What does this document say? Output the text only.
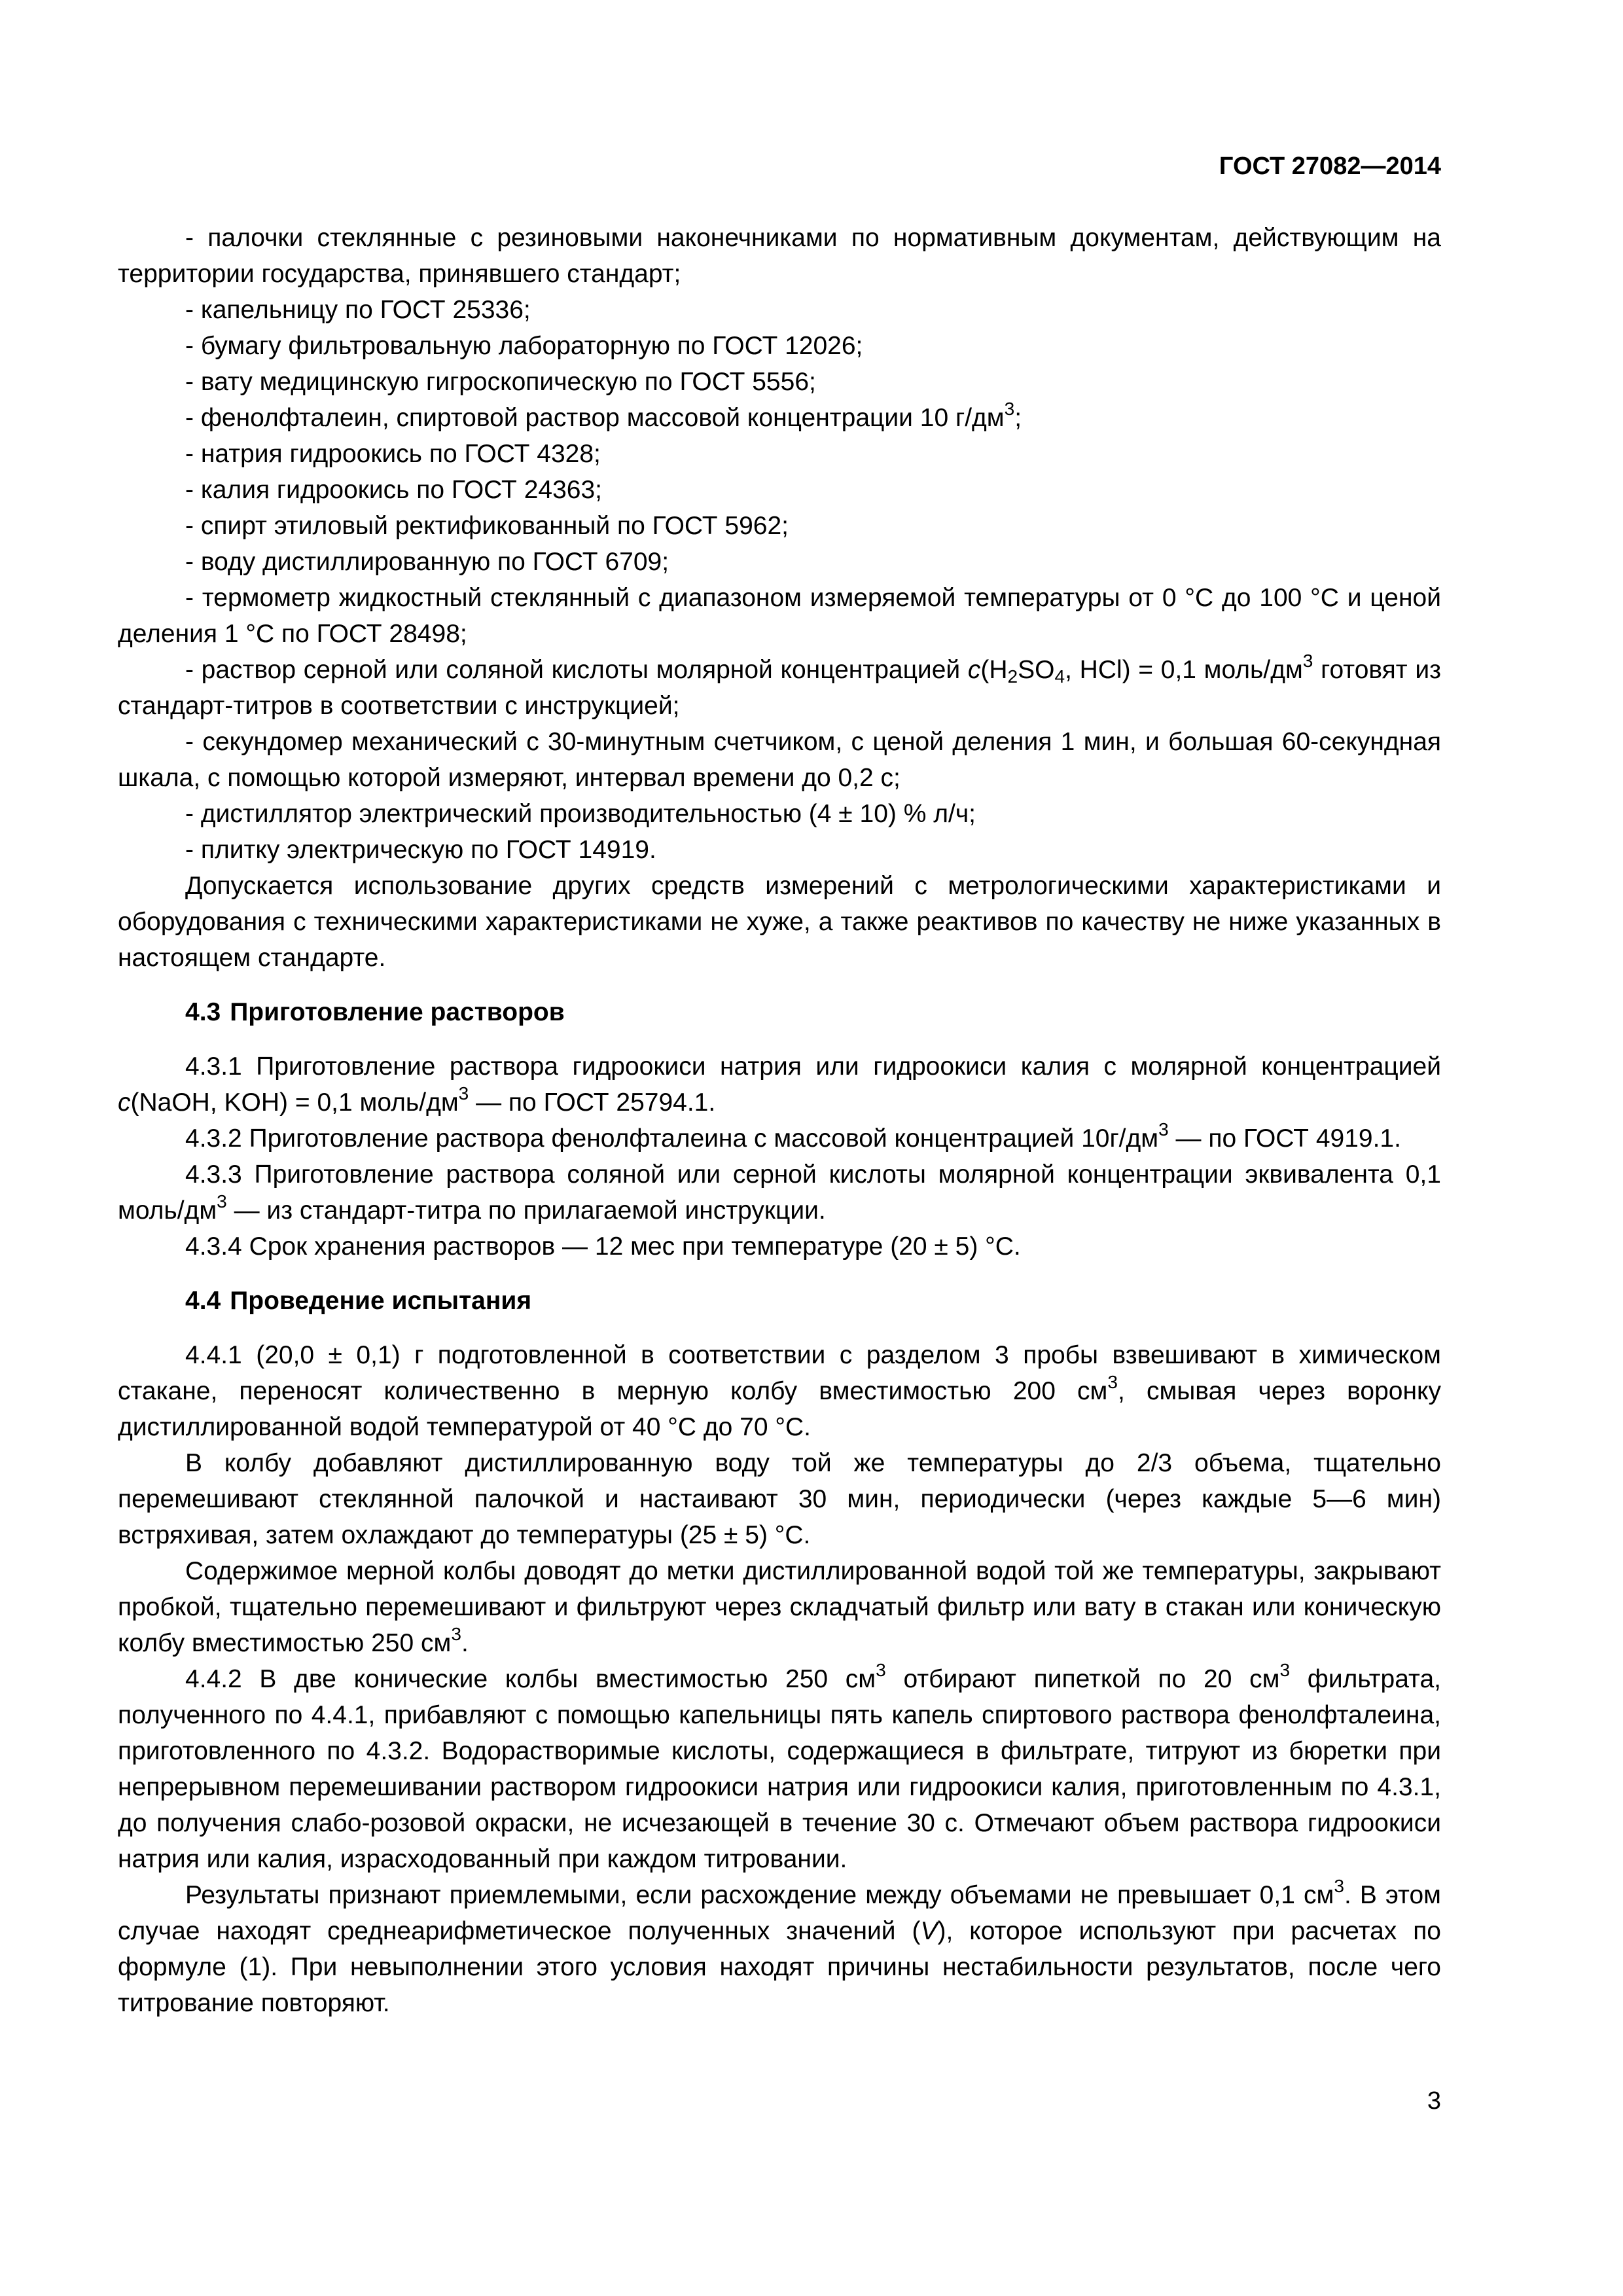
ГОСТ 27082—2014

- палочки стеклянные с резиновыми наконечниками по нормативным документам, действующим на территории государства, принявшего стандарт;

- капельницу по ГОСТ 25336;

- бумагу фильтровальную лабораторную по ГОСТ 12026;

- вату медицинскую гигроскопическую по ГОСТ 5556;

- фенолфталеин, спиртовой раствор массовой концентрации 10 $г/дм^3$;

- натрия гидроокись по ГОСТ 4328;

- калия гидроокись по ГОСТ 24363;

- спирт этиловый ректификованный по ГОСТ 5962;

- воду дистиллированную по ГОСТ 6709;

- термометр жидкостный стеклянный с диапазоном измеряемой температуры от 0 °С до 100 °С и ценой деления 1 °С по ГОСТ 28498;

- раствор серной или соляной кислоты молярной концентрацией $c(H_2SO_4$, HCl) = 0,1 моль/$дм^3$ готовят из стандарт-титров в соответствии с инструкцией;

- секундомер механический с 30-минутным счетчиком, с ценой деления 1 мин, и большая 60-секундная шкала, с помощью которой измеряют, интервал времени до 0,2 с;

- дистиллятор электрический производительностью (4 ± 10) % л/ч;

- плитку электрическую по ГОСТ 14919.

Допускается использование других средств измерений с метрологическими характеристиками и оборудования с техническими характеристиками не хуже, а также реактивов по качеству не ниже указанных в настоящем стандарте.

4.3 Приготовление растворов

4.3.1 Приготовление раствора гидроокиси натрия или гидроокиси калия с молярной концентрацией c(NaOH, KOH) = 0,1 моль/$дм^3$ — по ГОСТ 25794.1.

4.3.2 Приготовление раствора фенолфталеина с массовой концентрацией $10г/дм^3$ — по ГОСТ 4919.1.

4.3.3 Приготовление раствора соляной или серной кислоты молярной концентрации эквивалента 0,1 моль/$дм^3$ — из стандарт-титра по прилагаемой инструкции.

4.3.4 Срок хранения растворов — 12 мес при температуре (20 ± 5) °С.

4.4 Проведение испытания

4.4.1 (20,0 ± 0,1) г подготовленной в соответствии с разделом 3 пробы взвешивают в химическом стакане, переносят количественно в мерную колбу вместимостью 200 $см^3$, смывая через воронку дистиллированной водой температурой от 40 °С до 70 °С.

В колбу добавляют дистиллированную воду той же температуры до 2/3 объема, тщательно перемешивают стеклянной палочкой и настаивают 30 мин, периодически (через каждые 5—6 мин) встряхивая, затем охлаждают до температуры (25 ± 5) °С.

Содержимое мерной колбы доводят до метки дистиллированной водой той же температуры, закрывают пробкой, тщательно перемешивают и фильтруют через складчатый фильтр или вату в стакан или коническую колбу вместимостью 250 $см^3$.

4.4.2 В две конические колбы вместимостью 250 $см^3$ отбирают пипеткой по 20 $см^3$ фильтрата, полученного по 4.4.1, прибавляют с помощью капельницы пять капель спиртового раствора фенолфталеина, приготовленного по 4.3.2. Водорастворимые кислоты, содержащиеся в фильтрате, титруют из бюретки при непрерывном перемешивании раствором гидроокиси натрия или гидроокиси калия, приготовленным по 4.3.1, до получения слабо-розовой окраски, не исчезающей в течение 30 с. Отмечают объем раствора гидроокиси натрия или калия, израсходованный при каждом титровании.

Результаты признают приемлемыми, если расхождение между объемами не превышает 0,1 $см^3$. В этом случае находят среднеарифметическое полученных значений (V), которое используют при расчетах по формуле (1). При невыполнении этого условия находят причины нестабильности результатов, после чего титрование повторяют.

3
